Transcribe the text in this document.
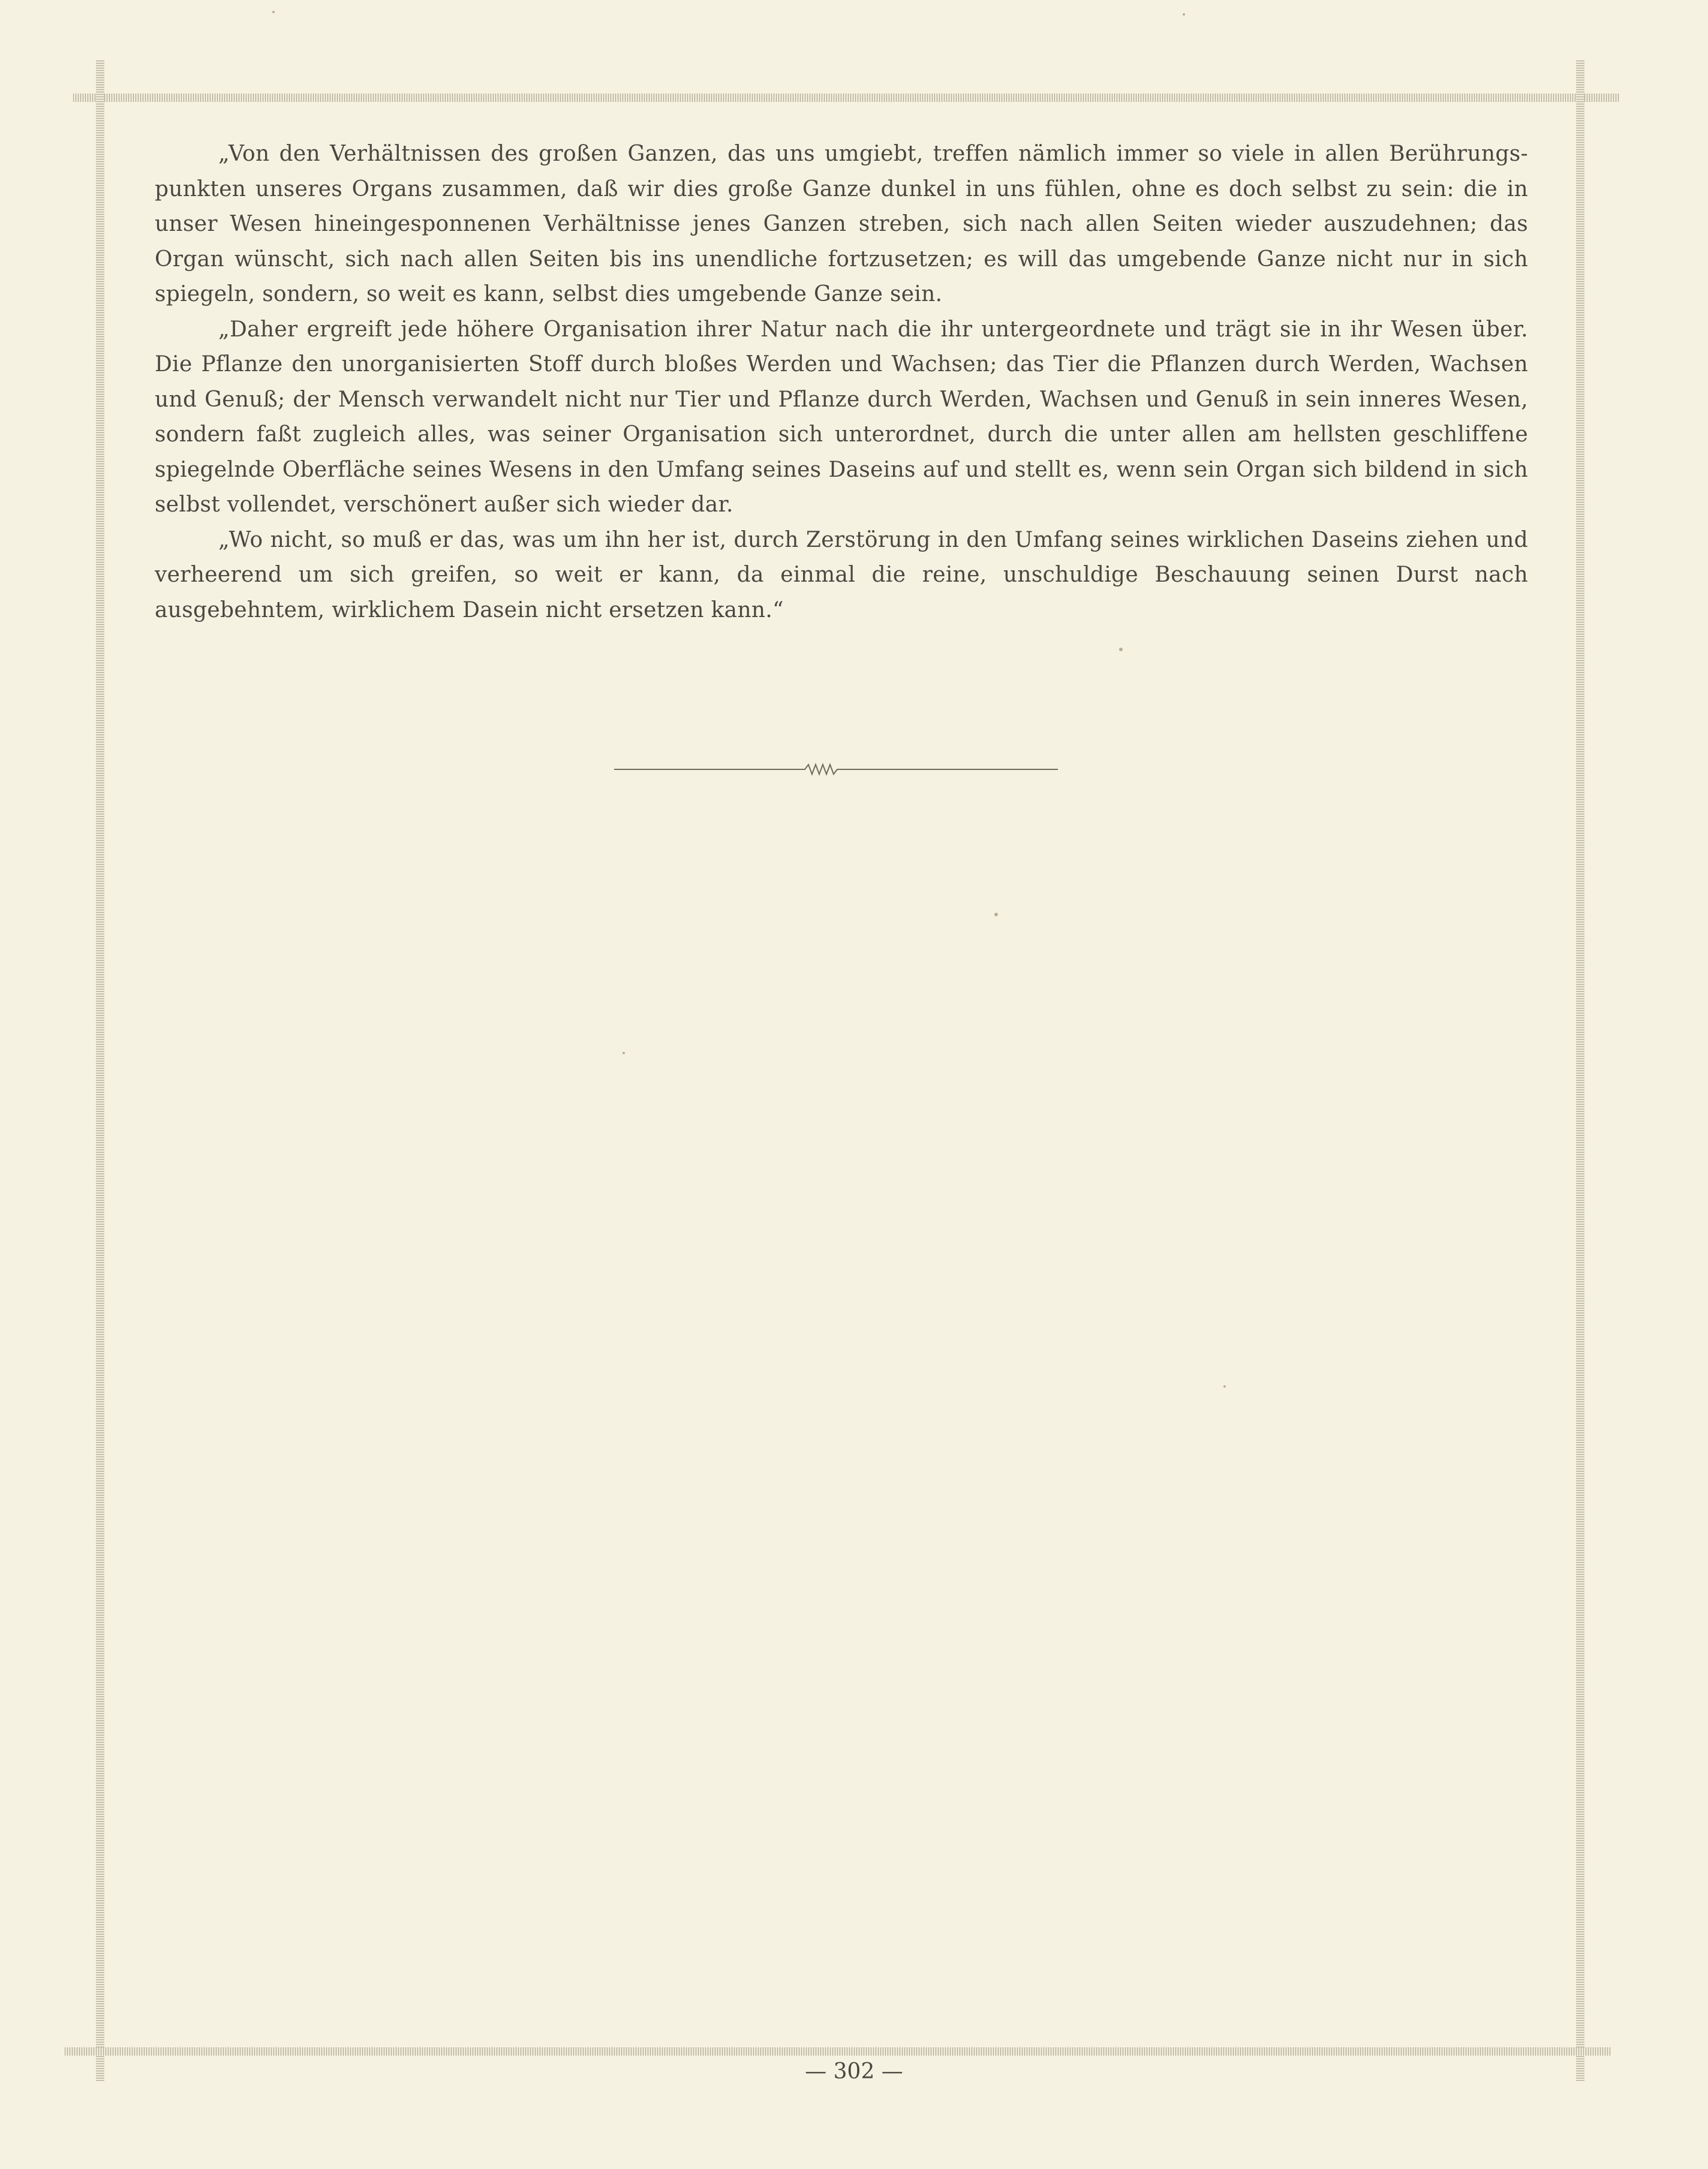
„Von den Verhältnissen des großen Ganzen, das uns umgiebt, treffen nämlich immer so viele in allen Berührungs-punkten unseres Organs zusammen, daß wir dies große Ganze dunkel in uns fühlen, ohne es doch selbst zu sein: die in unser Wesen hineingesponnenen Verhältnisse jenes Ganzen streben, sich nach allen Seiten wieder auszudehnen; das Organ wünscht, sich nach allen Seiten bis ins unendliche fortzusetzen; es will das umgebende Ganze nicht nur in sich spiegeln, sondern, so weit es kann, selbst dies umgebende Ganze sein.

„Daher ergreift jede höhere Organisation ihrer Natur nach die ihr untergeordnete und trägt sie in ihr Wesen über. Die Pflanze den unorganisierten Stoff durch bloßes Werden und Wachsen; das Tier die Pflanzen durch Werden, Wachsen und Genuß; der Mensch verwandelt nicht nur Tier und Pflanze durch Werden, Wachsen und Genuß in sein inneres Wesen, sondern faßt zugleich alles, was seiner Organisation sich unterordnet, durch die unter allen am hellsten geschliffene spiegelnde Oberfläche seines Wesens in den Umfang seines Daseins auf und stellt es, wenn sein Organ sich bildend in sich selbst vollendet, verschönert außer sich wieder dar.

„Wo nicht, so muß er das, was um ihn her ist, durch Zerstörung in den Umfang seines wirklichen Daseins ziehen und verheerend um sich greifen, so weit er kann, da einmal die reine, unschuldige Beschauung seinen Durst nach ausgebehntem, wirklichem Dasein nicht ersetzen kann.“

— 302 —
